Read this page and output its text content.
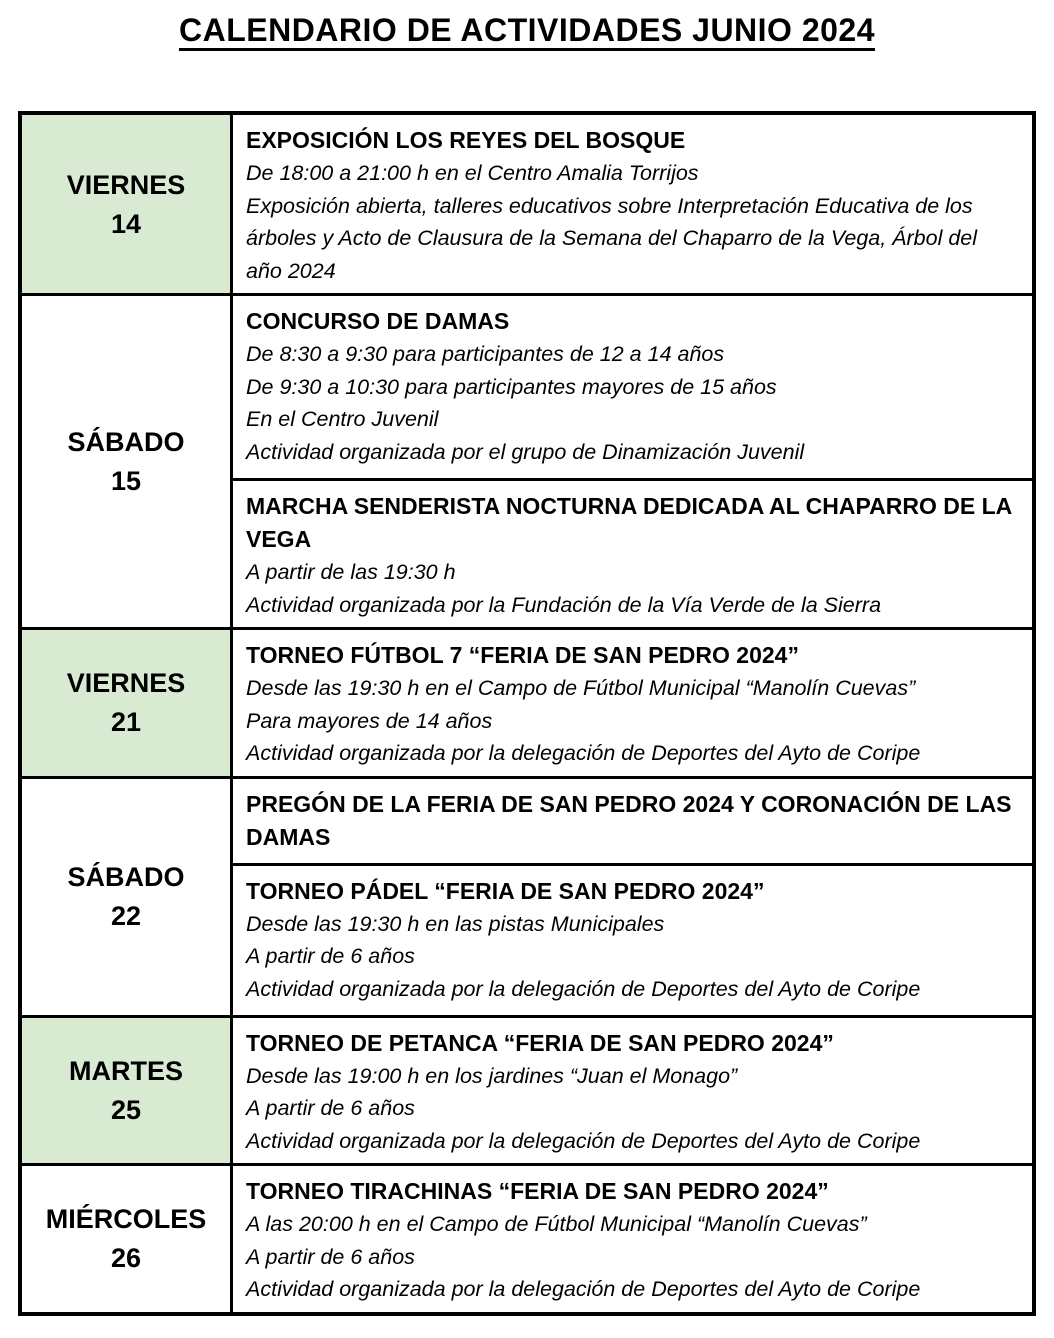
CALENDARIO DE ACTIVIDADES JUNIO 2024
VIERNES
14
EXPOSICIÓN LOS REYES DEL BOSQUE
De 18:00 a 21:00 h en el Centro Amalia Torrijos
Exposición abierta, talleres educativos sobre Interpretación Educativa de los árboles y Acto de Clausura de la Semana del Chaparro de la Vega, Árbol del año 2024
SÁBADO
15
CONCURSO DE DAMAS
De 8:30 a 9:30 para participantes de 12 a 14 años
De 9:30 a 10:30 para participantes mayores de 15 años
En el Centro Juvenil
Actividad organizada por el grupo de Dinamización Juvenil
MARCHA SENDERISTA NOCTURNA DEDICADA AL CHAPARRO DE LA VEGA
A partir de las 19:30 h
Actividad organizada por la Fundación de la Vía Verde de la Sierra
VIERNES
21
TORNEO FÚTBOL 7 “FERIA DE SAN PEDRO 2024”
Desde las 19:30 h en el Campo de Fútbol Municipal “Manolín Cuevas”
Para mayores de 14 años
Actividad organizada por la delegación de Deportes del Ayto de Coripe
SÁBADO
22
PREGÓN DE LA FERIA DE SAN PEDRO 2024 Y CORONACIÓN DE LAS DAMAS
TORNEO PÁDEL “FERIA DE SAN PEDRO 2024”
Desde las 19:30 h en las pistas Municipales
A partir de 6 años
Actividad organizada por la delegación de Deportes del Ayto de Coripe
MARTES
25
TORNEO DE PETANCA “FERIA DE SAN PEDRO 2024”
Desde las 19:00 h en los jardines “Juan el Monago”
A partir de 6 años
Actividad organizada por la delegación de Deportes del Ayto de Coripe
MIÉRCOLES
26
TORNEO TIRACHINAS “FERIA DE SAN PEDRO 2024”
A las 20:00 h en el Campo de Fútbol Municipal “Manolín Cuevas”
A partir de 6 años
Actividad organizada por la delegación de Deportes del Ayto de Coripe
